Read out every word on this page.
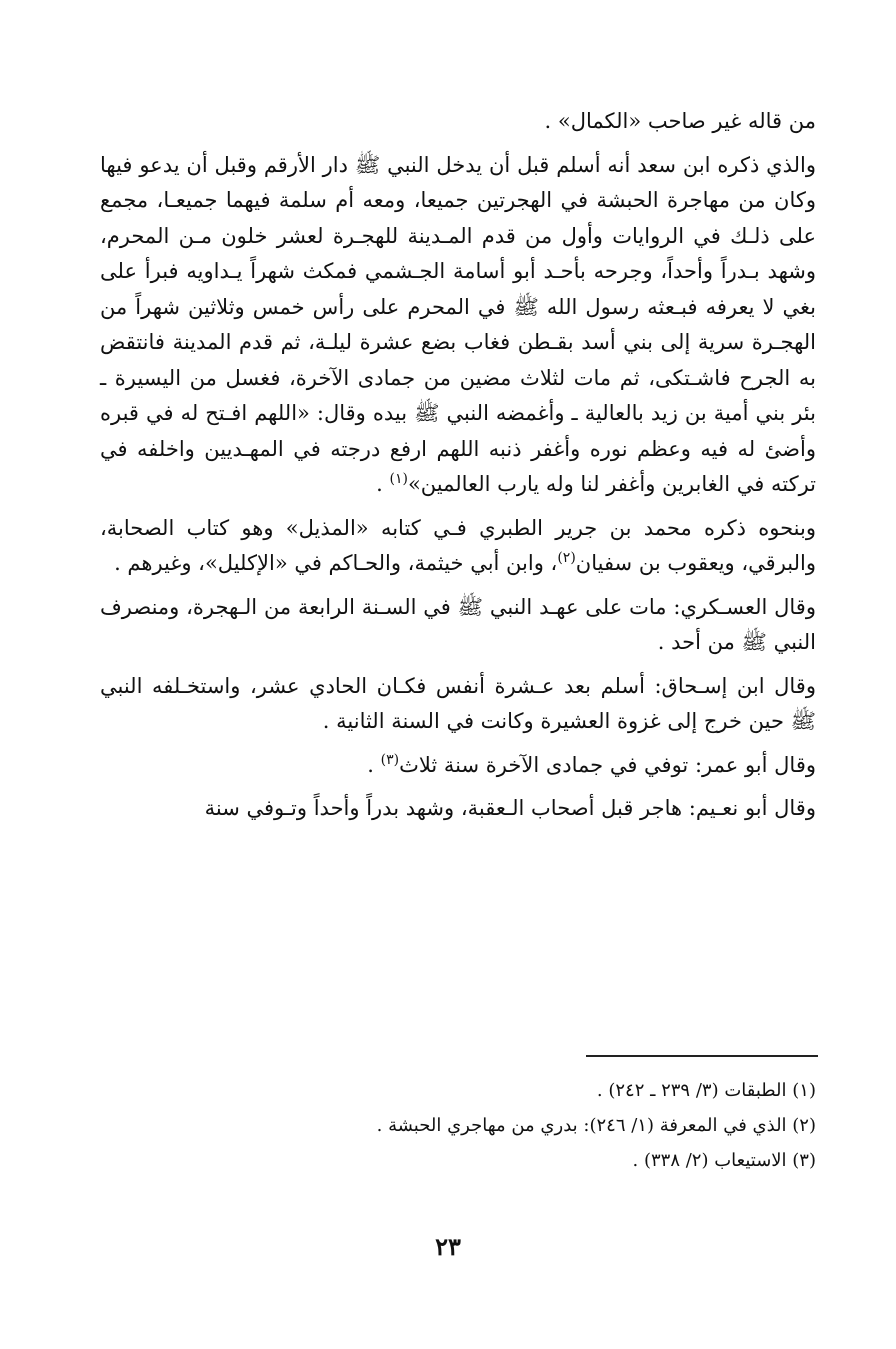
من قاله غير صاحب «الكمال» .

والذي ذكره ابن سعد أنه أسلم قبل أن يدخل النبي ﷺ دار الأرقم وقبل أن يدعو فيها وكان من مهاجرة الحبشة في الهجرتين جميعا، ومعه أم سلمة فيهما جميعـا، مجمع على ذلـك في الروايات وأول من قدم المـدينة للهجـرة لعشر خلون مـن المحرم، وشهد بـدراً وأحداً، وجرحه بأحـد أبو أسامة الجـشمي فمكث شهراً يـداويه فبرأ على بغي لا يعرفه فبـعثه رسول الله ﷺ في المحرم على رأس خمس وثلاثين شهراً من الهجـرة سرية إلى بني أسد بقـطن فغاب بضع عشرة ليلـة، ثم قدم المدينة فانتقض به الجرح فاشـتكى، ثم مات لثلاث مضين من جمادى الآخرة، فغسل من اليسيرة ـ بئر بني أمية بن زيد بالعالية ـ وأغمضه النبي ﷺ بيده وقال: «اللهم افـتح له في قبره وأضئ له فيه وعظم نوره وأغفر ذنبه اللهم ارفع درجته في المهـديين واخلفه في تركته في الغابرين وأغفر لنا وله يارب العالمين»$^{(١)}$ .

وبنحوه ذكره محمد بن جرير الطبري فـي كتابه «المذيل» وهو كتاب الصحابة، والبرقي، ويعقوب بن سفيان$^{(٢)}$، وابن أبي خيثمة، والحـاكم في «الإكليل»، وغيرهم .

وقال العسـكري: مات على عهـد النبي ﷺ في السـنة الرابعة من الـهجرة، ومنصرف النبي ﷺ من أحد .

وقال ابن إسـحاق: أسلم بعد عـشرة أنفس فكـان الحادي عشر، واستخـلفه النبي ﷺ حين خرج إلى غزوة العشيرة وكانت في السنة الثانية .

وقال أبو عمر: توفي في جمادى الآخرة سنة ثلاث$^{(٣)}$ .

وقال أبو نعـيم: هاجر قبل أصحاب الـعقبة، وشهد بدراً وأحداً وتـوفي سنة

(١) الطبقات (٣/ ٢٣٩ ـ ٢٤٢) .

(٢) الذي في المعرفة (١/ ٢٤٦): بدري من مهاجري الحبشة .

(٣) الاستيعاب (٢/ ٣٣٨) .

٢٣
